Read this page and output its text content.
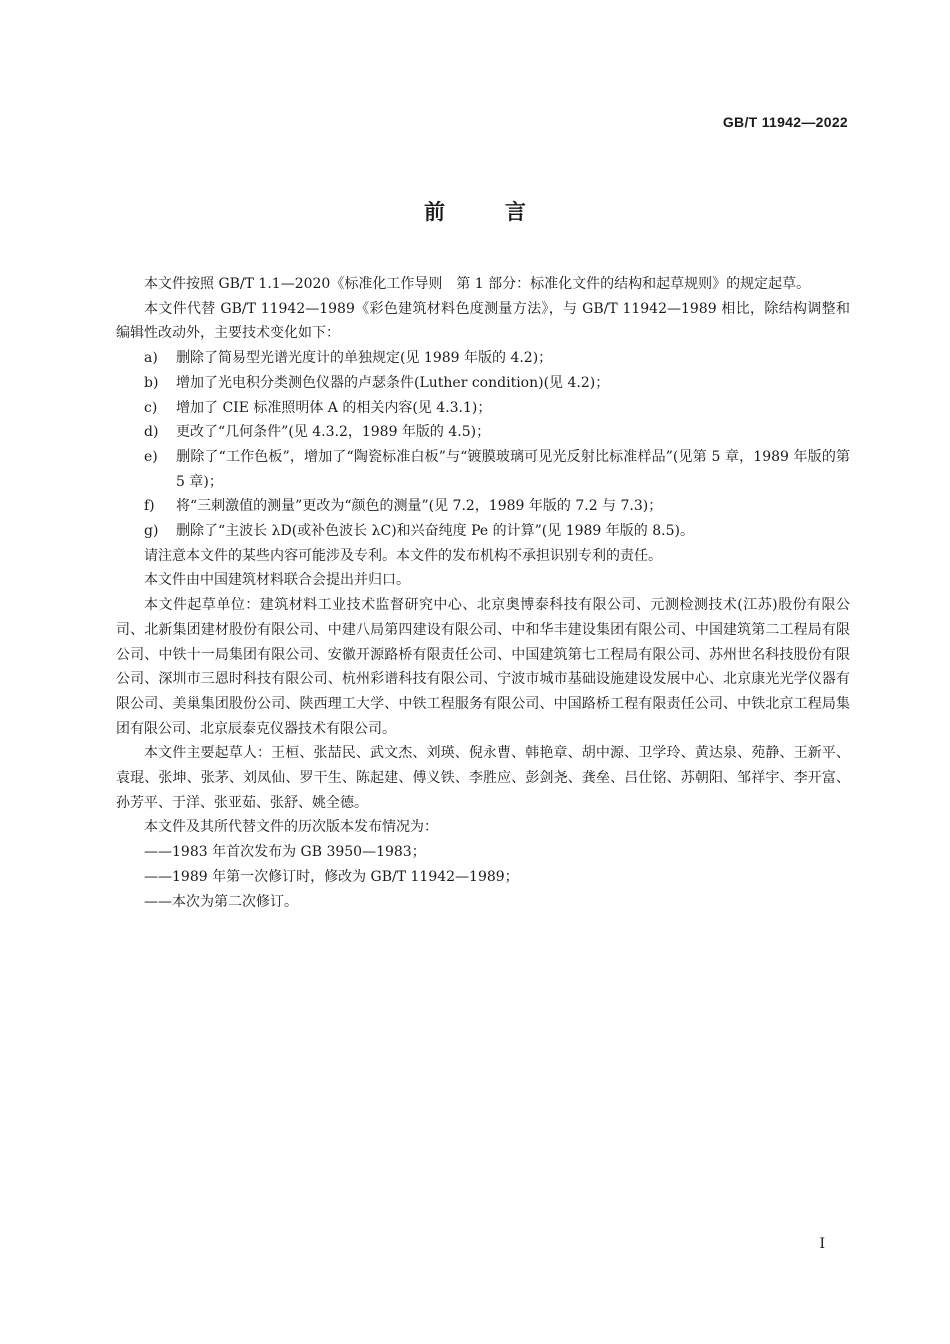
GB/T 11942—2022
前言

本文件按照 GB/T 1.1—2020《标准化工作导则　第 1 部分：标准化文件的结构和起草规则》的规定起草。

本文件代替 GB/T 11942—1989《彩色建筑材料色度测量方法》，与 GB/T 11942—1989 相比，除结构调整和编辑性改动外，主要技术变化如下：

a) 删除了简易型光谱光度计的单独规定(见 1989 年版的 4.2)；

b) 增加了光电积分类测色仪器的卢瑟条件(Luther condition)(见 4.2)；

c) 增加了 CIE 标准照明体 A 的相关内容(见 4.3.1)；

d) 更改了“几何条件”(见 4.3.2，1989 年版的 4.5)；

e) 删除了“工作色板”，增加了“陶瓷标准白板”与“镀膜玻璃可见光反射比标准样品”(见第 5 章，1989 年版的第 5 章)；

f) 将“三刺激值的测量”更改为“颜色的测量”(见 7.2，1989 年版的 7.2 与 7.3)；

g) 删除了“主波长 λD(或补色波长 λC)和兴奋纯度 Pe 的计算”(见 1989 年版的 8.5)。

请注意本文件的某些内容可能涉及专利。本文件的发布机构不承担识别专利的责任。

本文件由中国建筑材料联合会提出并归口。

本文件起草单位：建筑材料工业技术监督研究中心、北京奥博泰科技有限公司、元测检测技术(江苏)股份有限公司、北新集团建材股份有限公司、中建八局第四建设有限公司、中和华丰建设集团有限公司、中国建筑第二工程局有限公司、中铁十一局集团有限公司、安徽开源路桥有限责任公司、中国建筑第七工程局有限公司、苏州世名科技股份有限公司、深圳市三恩时科技有限公司、杭州彩谱科技有限公司、宁波市城市基础设施建设发展中心、北京康光光学仪器有限公司、美巢集团股份公司、陕西理工大学、中铁工程服务有限公司、中国路桥工程有限责任公司、中铁北京工程局集团有限公司、北京辰泰克仪器技术有限公司。

本文件主要起草人：王桓、张喆民、武文杰、刘瑛、倪永曹、韩艳章、胡中源、卫学玲、黄达泉、苑静、王新平、袁琨、张坤、张茅、刘凤仙、罗干生、陈起建、傅义铁、李胜应、彭剑尧、龚垒、吕仕铭、苏朝阳、邹祥宇、李开富、孙芳平、于洋、张亚茹、张舒、姚全德。

本文件及其所代替文件的历次版本发布情况为：

——1983 年首次发布为 GB 3950—1983；

——1989 年第一次修订时，修改为 GB/T 11942—1989；

——本次为第二次修订。

I
